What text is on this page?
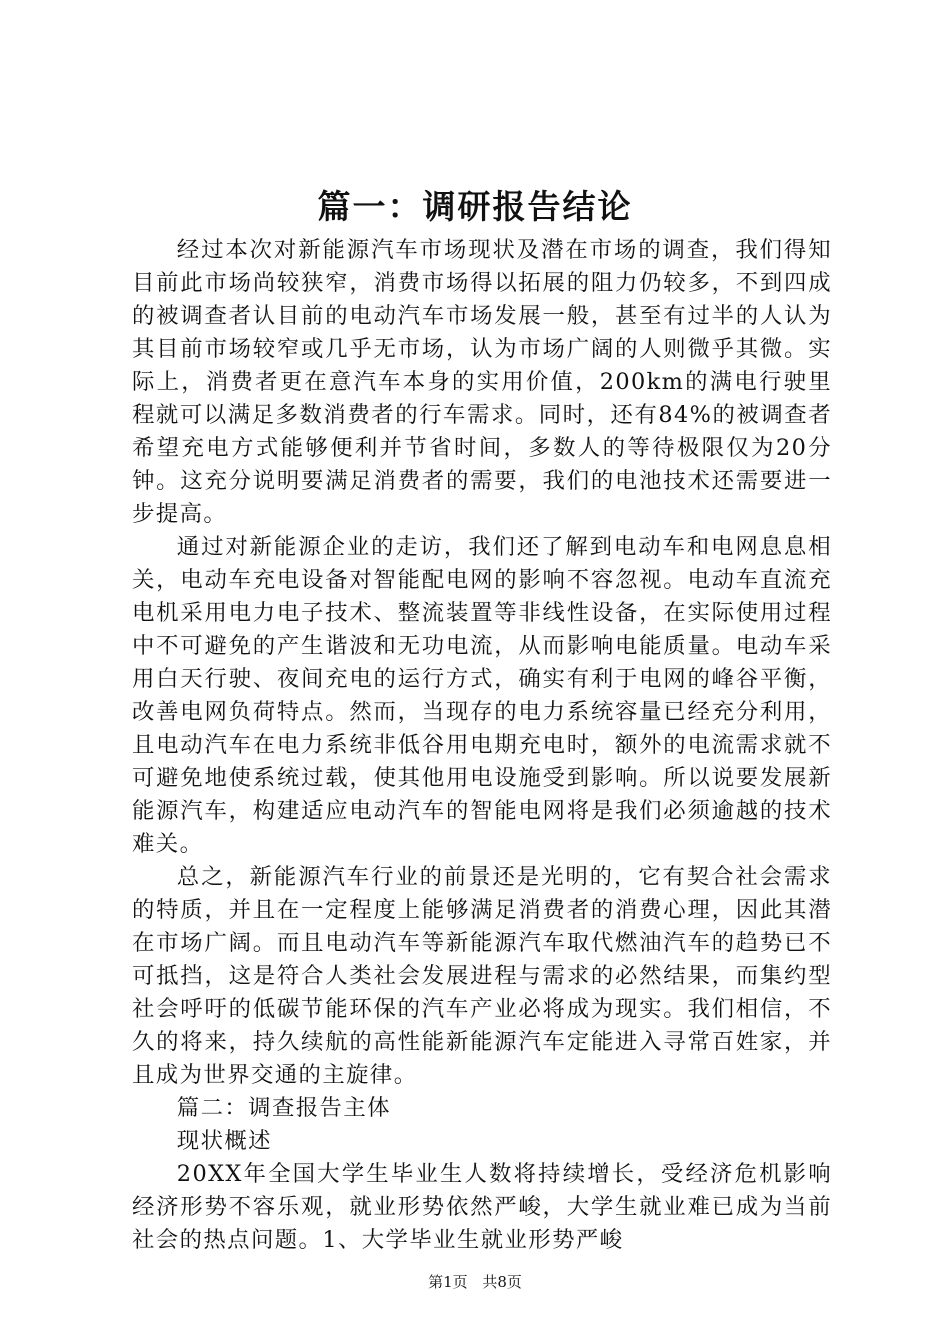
篇一：调研报告结论

经过本次对新能源汽车市场现状及潜在市场的调查，我们得知目前此市场尚较狭窄，消费市场得以拓展的阻力仍较多，不到四成的被调查者认目前的电动汽车市场发展一般，甚至有过半的人认为其目前市场较窄或几乎无市场，认为市场广阔的人则微乎其微。实际上，消费者更在意汽车本身的实用价值，200km的满电行驶里程就可以满足多数消费者的行车需求。同时，还有84%的被调查者希望充电方式能够便利并节省时间，多数人的等待极限仅为20分钟。这充分说明要满足消费者的需要，我们的电池技术还需要进一步提高。

通过对新能源企业的走访，我们还了解到电动车和电网息息相关，电动车充电设备对智能配电网的影响不容忽视。电动车直流充电机采用电力电子技术、整流装置等非线性设备，在实际使用过程中不可避免的产生谐波和无功电流，从而影响电能质量。电动车采用白天行驶、夜间充电的运行方式，确实有利于电网的峰谷平衡，改善电网负荷特点。然而，当现存的电力系统容量已经充分利用，且电动汽车在电力系统非低谷用电期充电时，额外的电流需求就不可避免地使系统过载，使其他用电设施受到影响。所以说要发展新能源汽车，构建适应电动汽车的智能电网将是我们必须逾越的技术难关。

总之，新能源汽车行业的前景还是光明的，它有契合社会需求的特质，并且在一定程度上能够满足消费者的消费心理，因此其潜在市场广阔。而且电动汽车等新能源汽车取代燃油汽车的趋势已不可抵挡，这是符合人类社会发展进程与需求的必然结果，而集约型社会呼吁的低碳节能环保的汽车产业必将成为现实。我们相信，不久的将来，持久续航的高性能新能源汽车定能进入寻常百姓家，并且成为世界交通的主旋律。

篇二：调查报告主体

现状概述

20XX年全国大学生毕业生人数将持续增长，受经济危机影响经济形势不容乐观，就业形势依然严峻，大学生就业难已成为当前社会的热点问题。1、大学毕业生就业形势严峻

第1页 共8页
